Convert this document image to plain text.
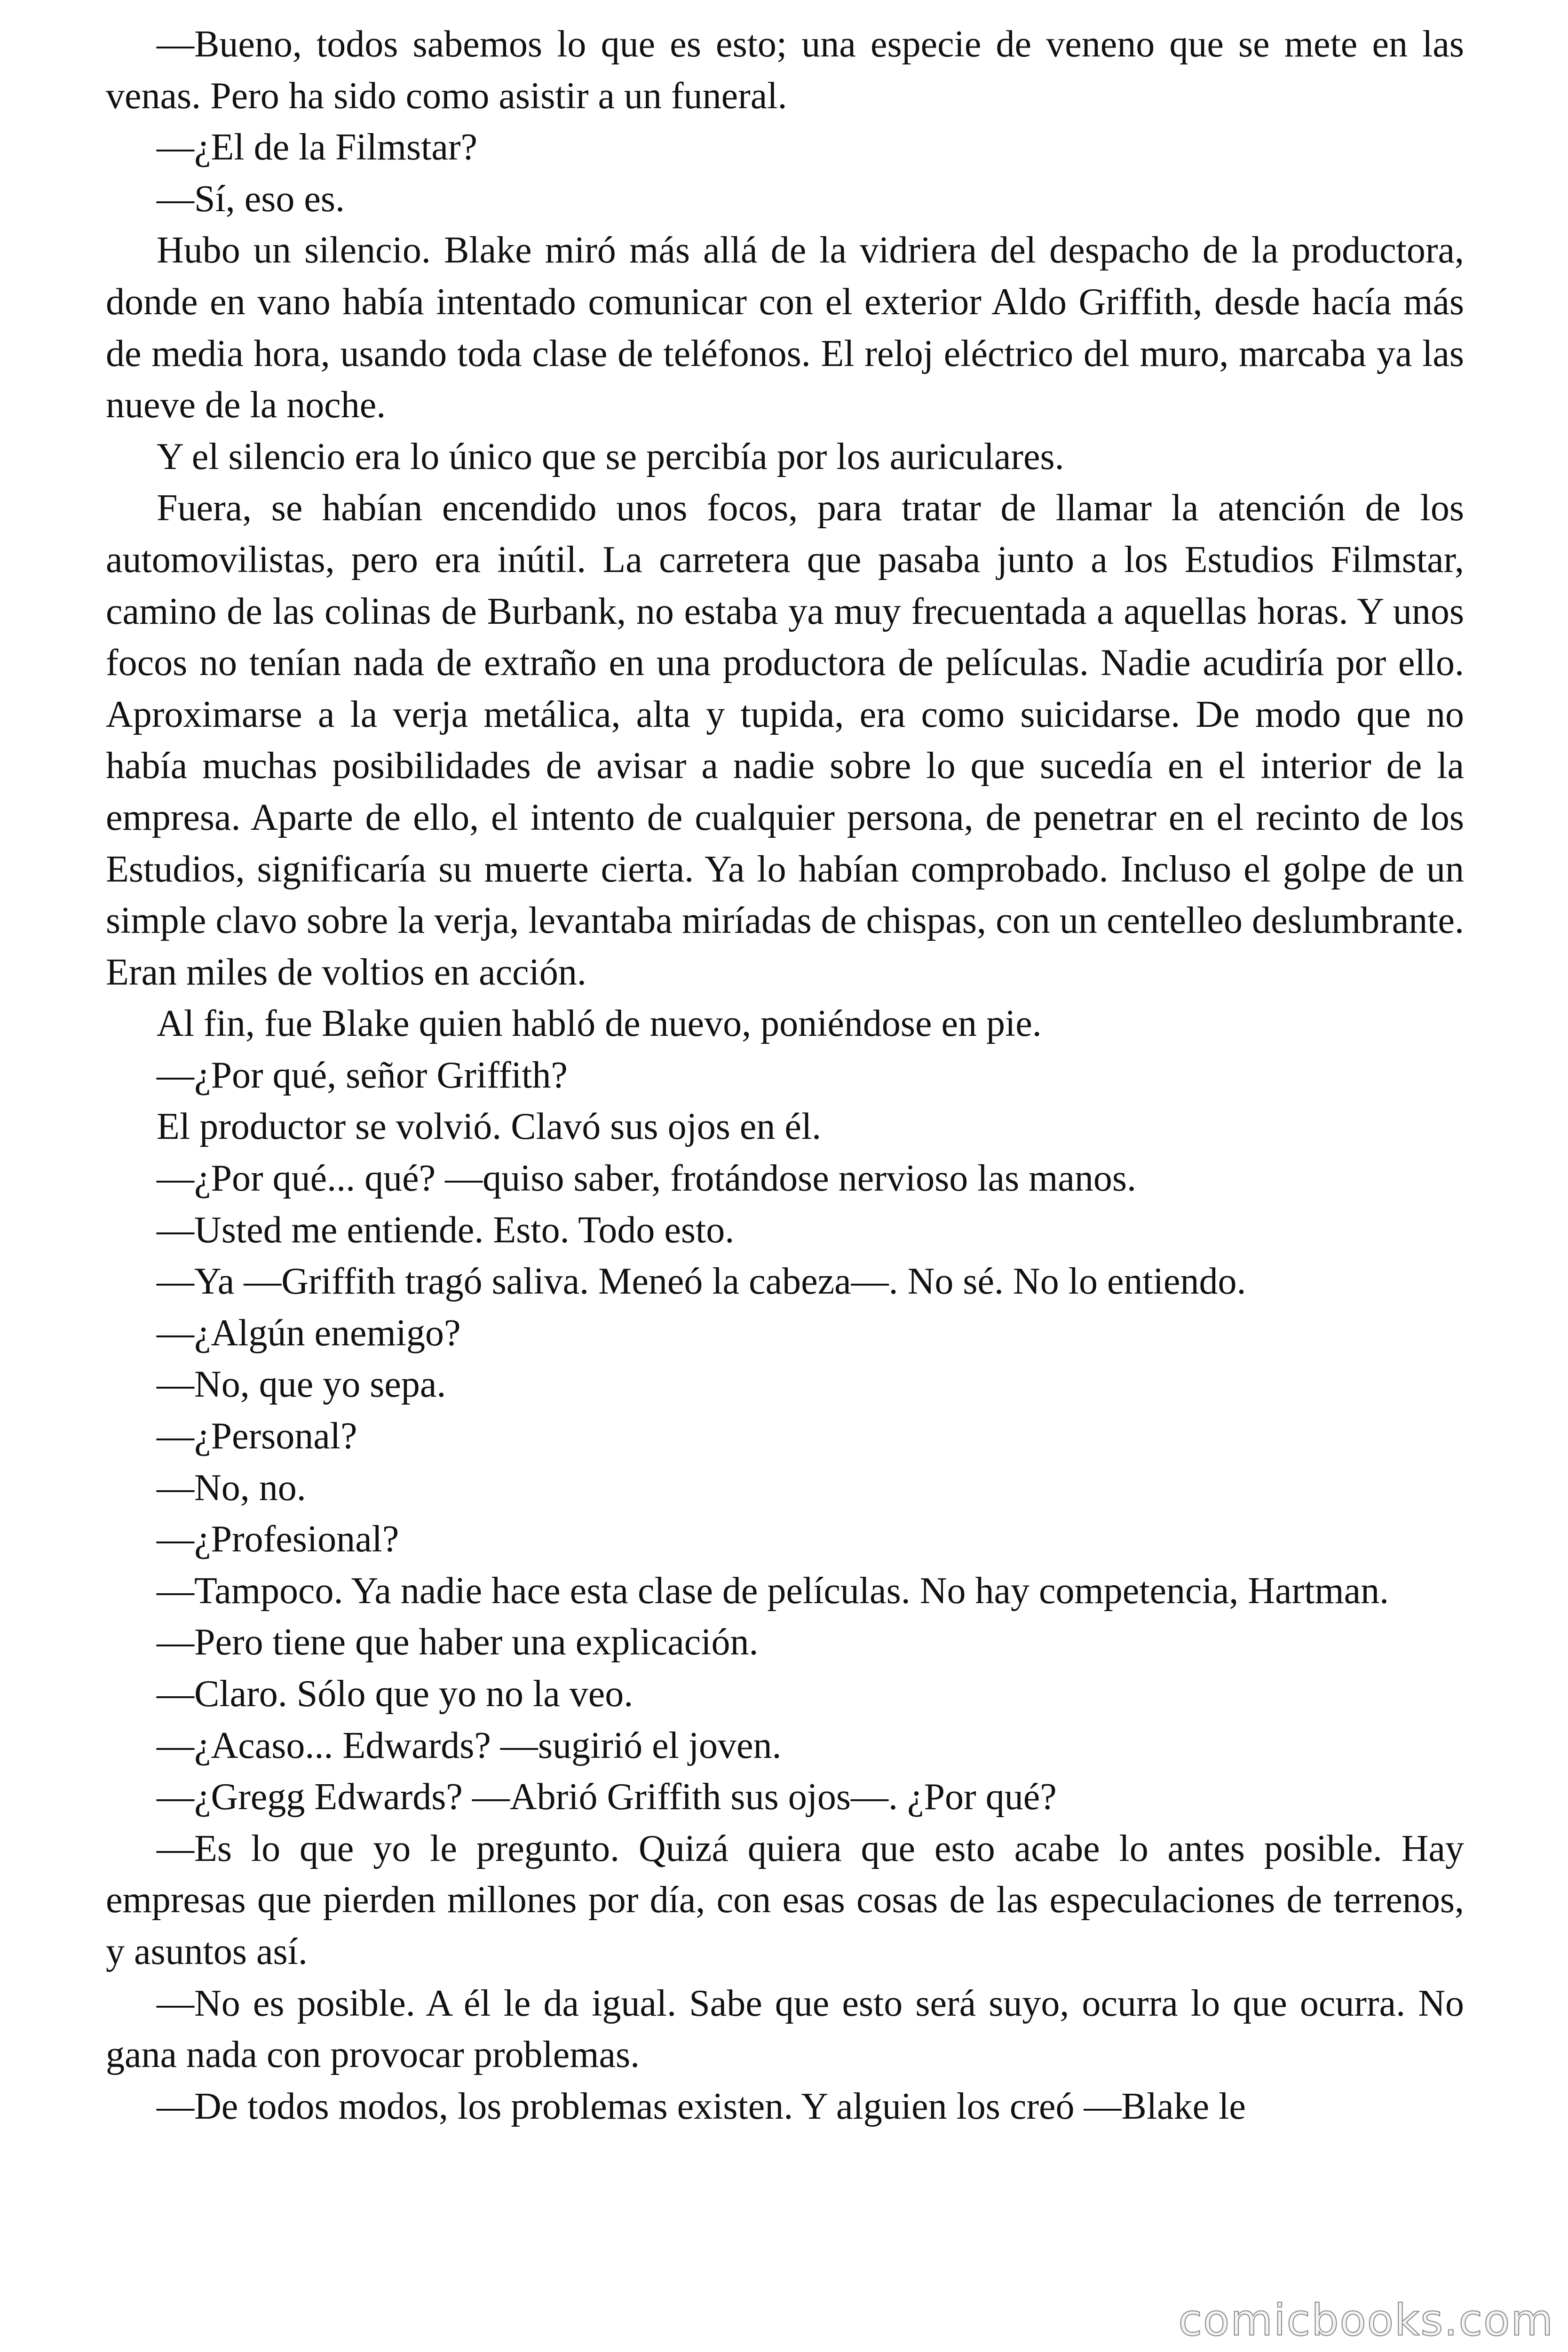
—Bueno, todos sabemos lo que es esto; una especie de veneno que se mete en las venas. Pero ha sido como asistir a un funeral.

—¿El de la Filmstar?

—Sí, eso es.

Hubo un silencio. Blake miró más allá de la vidriera del despacho de la productora, donde en vano había intentado comunicar con el exterior Aldo Griffith, desde hacía más de media hora, usando toda clase de teléfonos. El reloj eléctrico del muro, marcaba ya las nueve de la noche.

Y el silencio era lo único que se percibía por los auriculares.

Fuera, se habían encendido unos focos, para tratar de llamar la atención de los automovilistas, pero era inútil. La carretera que pasaba junto a los Estudios Filmstar, camino de las colinas de Burbank, no estaba ya muy frecuentada a aquellas horas. Y unos focos no tenían nada de extraño en una productora de películas. Nadie acudiría por ello. Aproximarse a la verja metálica, alta y tupida, era como suicidarse. De modo que no había muchas posibilidades de avisar a nadie sobre lo que sucedía en el interior de la empresa. Aparte de ello, el intento de cualquier persona, de penetrar en el recinto de los Estudios, significaría su muerte cierta. Ya lo habían comprobado. Incluso el golpe de un simple clavo sobre la verja, levantaba miríadas de chispas, con un centelleo deslumbrante. Eran miles de voltios en acción.

Al fin, fue Blake quien habló de nuevo, poniéndose en pie.

—¿Por qué, señor Griffith?

El productor se volvió. Clavó sus ojos en él.

—¿Por qué... qué? —quiso saber, frotándose nervioso las manos.

—Usted me entiende. Esto. Todo esto.

—Ya —Griffith tragó saliva. Meneó la cabeza—. No sé. No lo entiendo.

—¿Algún enemigo?

—No, que yo sepa.

—¿Personal?

—No, no.

—¿Profesional?

—Tampoco. Ya nadie hace esta clase de películas. No hay competencia, Hartman.

—Pero tiene que haber una explicación.

—Claro. Sólo que yo no la veo.

—¿Acaso... Edwards? —sugirió el joven.

—¿Gregg Edwards? —Abrió Griffith sus ojos—. ¿Por qué?

—Es lo que yo le pregunto. Quizá quiera que esto acabe lo antes posible. Hay empresas que pierden millones por día, con esas cosas de las especulaciones de terrenos, y asuntos así.

—No es posible. A él le da igual. Sabe que esto será suyo, ocurra lo que ocurra. No gana nada con provocar problemas.

—De todos modos, los problemas existen. Y alguien los creó —Blake le

comicbooks.com
